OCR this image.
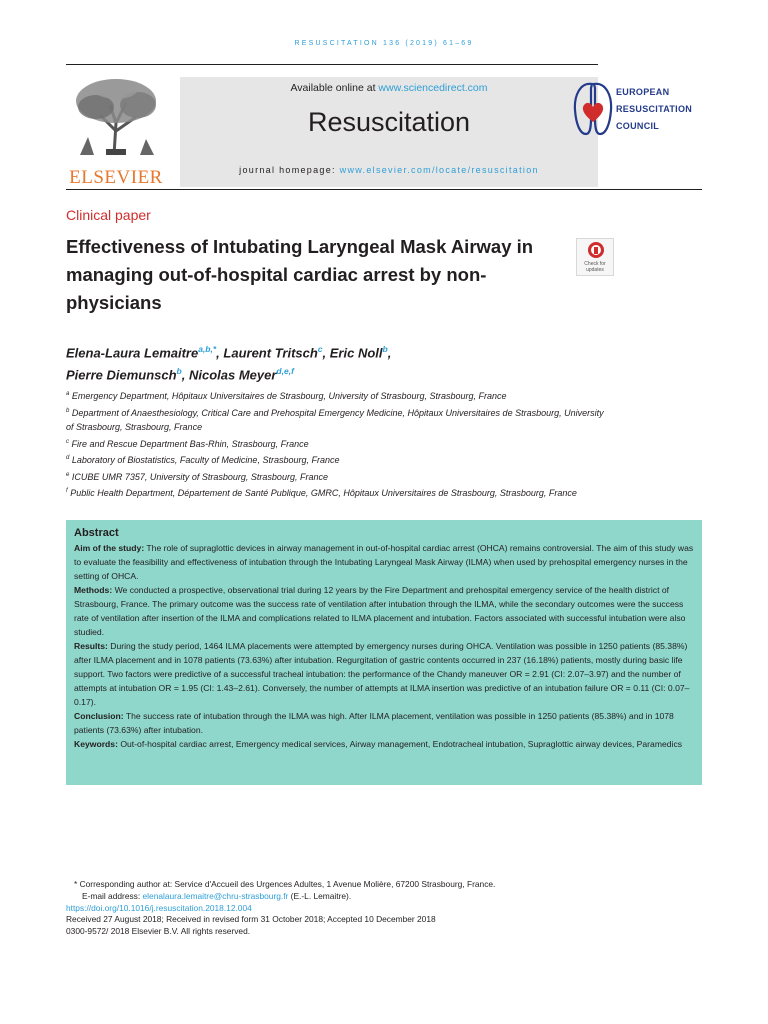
RESUSCITATION 136 (2019) 61–69
ELSEVIER
Available online at www.sciencedirect.com
Resuscitation
journal homepage: www.elsevier.com/locate/resuscitation
EUROPEAN
RESUSCITATION
COUNCIL
Clinical paper
Effectiveness of Intubating Laryngeal Mask Airway in managing out-of-hospital cardiac arrest by non-physicians
Check for
updates
Elena-Laura Lemaitre$^{a,b,*}$, Laurent Tritsch$^c$, Eric Noll$^b$,
Pierre Diemunsch$^b$, Nicolas Meyer$^{d,e,f}$
$^a$ Emergency Department, Hôpitaux Universitaires de Strasbourg, University of Strasbourg, Strasbourg, France
$^b$ Department of Anaesthesiology, Critical Care and Prehospital Emergency Medicine, Hôpitaux Universitaires de Strasbourg, University of Strasbourg, Strasbourg, France
$^c$ Fire and Rescue Department Bas-Rhin, Strasbourg, France
$^d$ Laboratory of Biostatistics, Faculty of Medicine, Strasbourg, France
$^e$ ICUBE UMR 7357, University of Strasbourg, Strasbourg, France
$^f$ Public Health Department, Département de Santé Publique, GMRC, Hôpitaux Universitaires de Strasbourg, Strasbourg, France
Abstract

Aim of the study: The role of supraglottic devices in airway management in out-of-hospital cardiac arrest (OHCA) remains controversial. The aim of this study was to evaluate the feasibility and effectiveness of intubation through the Intubating Laryngeal Mask Airway (ILMA) when used by prehospital emergency nurses in the setting of OHCA.

Methods: We conducted a prospective, observational trial during 12 years by the Fire Department and prehospital emergency service of the health district of Strasbourg, France. The primary outcome was the success rate of ventilation after intubation through the ILMA, while the secondary outcomes were the success rate of ventilation after insertion of the ILMA and complications related to ILMA placement and intubation. Factors associated with successful intubation were also studied.

Results: During the study period, 1464 ILMA placements were attempted by emergency nurses during OHCA. Ventilation was possible in 1250 patients (85.38%) after ILMA placement and in 1078 patients (73.63%) after intubation. Regurgitation of gastric contents occurred in 237 (16.18%) patients, mostly during basic life support. Two factors were predictive of a successful tracheal intubation: the performance of the Chandy maneuver OR = 2.91 (CI: 2.07–3.97) and the number of attempts at intubation OR = 1.95 (CI: 1.43–2.61). Conversely, the number of attempts at ILMA insertion was predictive of an intubation failure OR = 0.11 (CI: 0.07–0.17).

Conclusion: The success rate of intubation through the ILMA was high. After ILMA placement, ventilation was possible in 1250 patients (85.38%) and in 1078 patients (73.63%) after intubation.

Keywords: Out-of-hospital cardiac arrest, Emergency medical services, Airway management, Endotracheal intubation, Supraglottic airway devices, Paramedics

* Corresponding author at: Service d'Accueil des Urgences Adultes, 1 Avenue Molière, 67200 Strasbourg, France.
E-mail address: elenalaura.lemaitre@chru-strasbourg.fr (E.-L. Lemaitre).
https://doi.org/10.1016/j.resuscitation.2018.12.004
Received 27 August 2018; Received in revised form 31 October 2018; Accepted 10 December 2018
0300-9572/ 2018 Elsevier B.V. All rights reserved.
